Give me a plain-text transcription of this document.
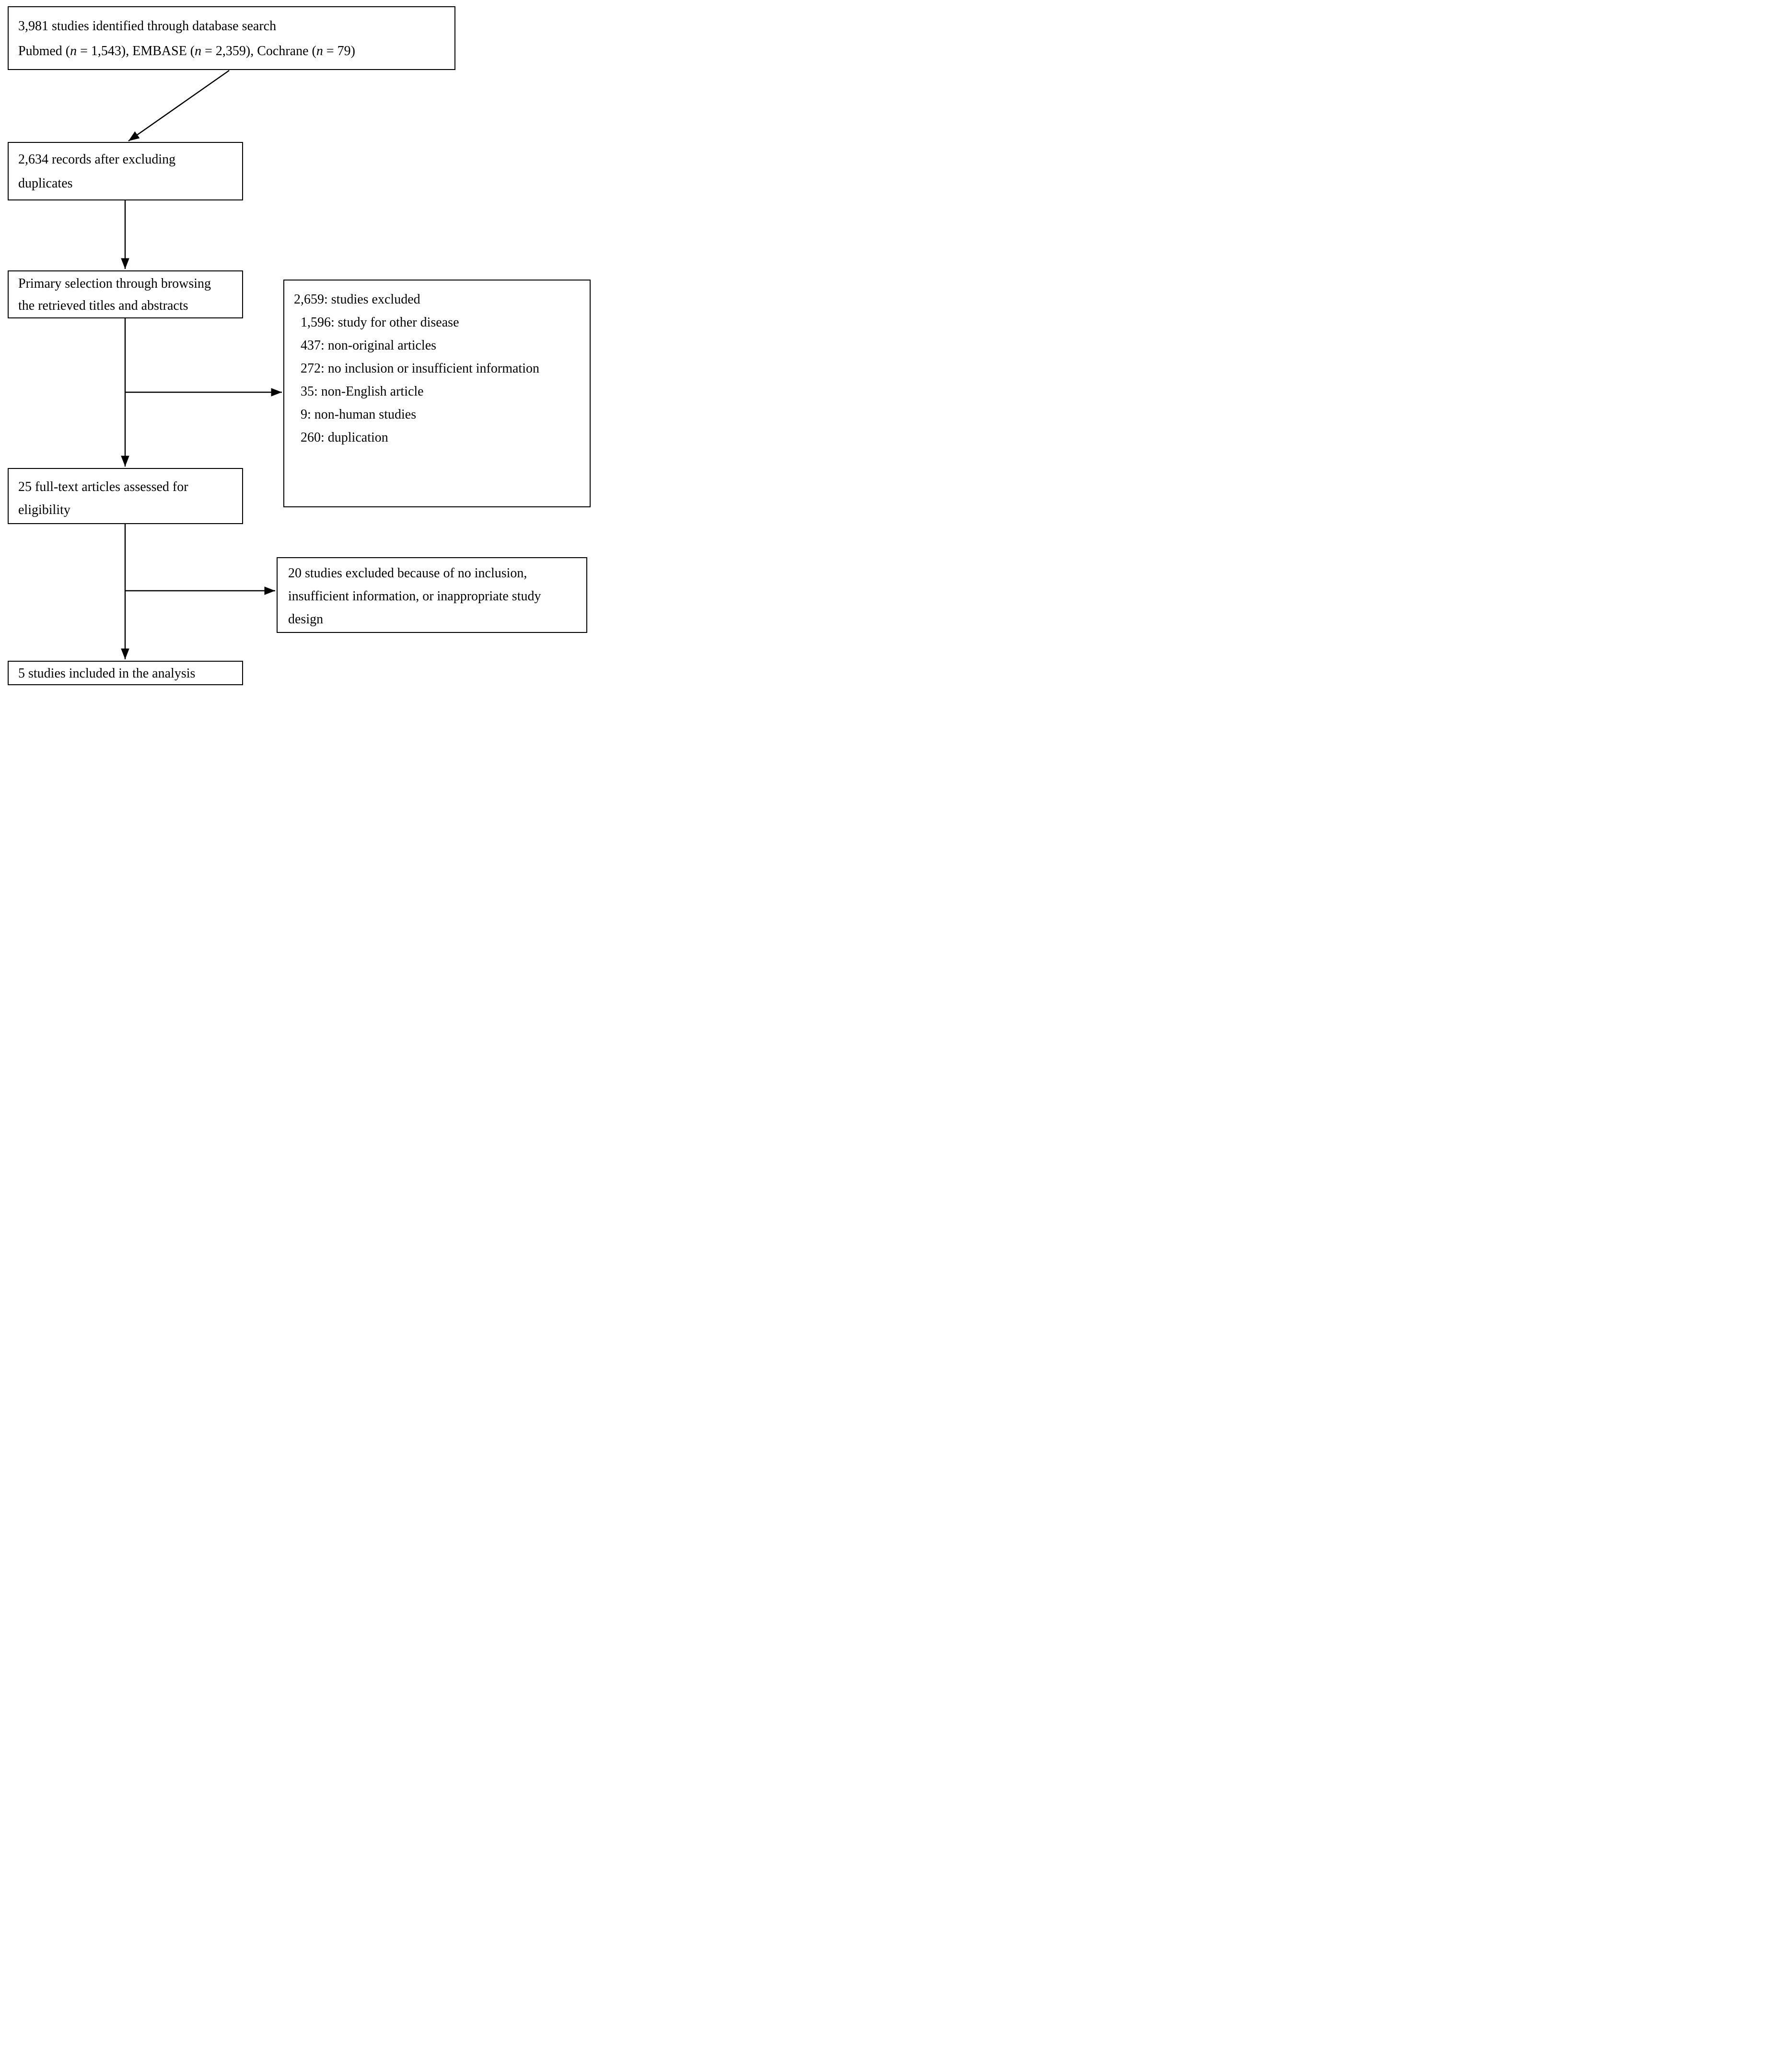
3,981 studies identified through database search
Pubmed (n = 1,543), EMBASE (n = 2,359), Cochrane (n = 79)
2,634 records after excluding
duplicates
Primary selection through browsing
the retrieved titles and abstracts	2,659: studies excluded
1,596: study for other disease
437: non-original articles
272: no inclusion or insufficient information
35: non-English article
9: non-human studies
260: duplication
25 full-text articles assessed for
eligibility
20 studies excluded because of no inclusion,
insufficient information, or inappropriate study
design
5 studies included in the analysis
